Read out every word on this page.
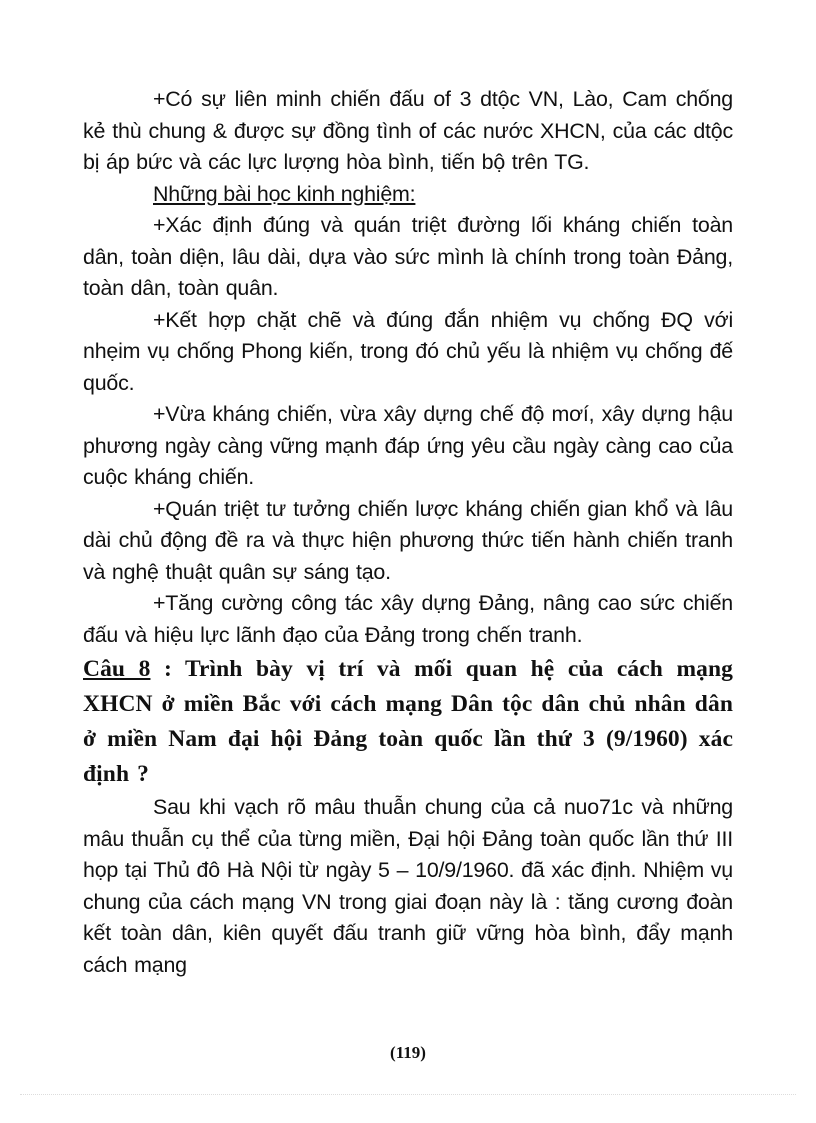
+Có sự liên minh chiến đấu of 3 dtộc VN, Lào, Cam chống kẻ thù chung & được sự đồng tình of các nước XHCN, của các dtộc bị áp bức và các lực lượng hòa bình, tiến bộ trên TG.

Những bài học kinh nghiệm:

+Xác định đúng và quán triệt đường lối kháng chiến toàn dân, toàn diện, lâu dài, dựa vào sức mình là chính trong toàn Đảng, toàn dân, toàn quân.

+Kết hợp chặt chẽ và đúng đắn nhiệm vụ chống ĐQ với nhẹim vụ chống Phong kiến, trong đó chủ yếu là nhiệm vụ chống đế quốc.

+Vừa kháng chiến, vừa xây dựng chế độ mơí, xây dựng hậu phương ngày càng vững mạnh đáp ứng yêu cầu ngày càng cao của cuộc kháng chiến.

+Quán triệt tư tưởng chiến lược kháng chiến gian khổ và lâu dài chủ động đề ra và thực hiện phương thức tiến hành chiến tranh và nghệ thuật quân sự sáng tạo.

+Tăng cường công tác xây dựng Đảng, nâng cao sức chiến đấu và hiệu lực lãnh đạo của Đảng trong chến tranh.

Câu 8 : Trình bày vị trí và mối quan hệ của cách mạng XHCN ở miền Bắc với cách mạng Dân tộc dân chủ nhân dân ở miền Nam đại hội Đảng toàn quốc lần thứ 3 (9/1960) xác định ?

Sau khi vạch rõ mâu thuẫn chung của cả nuo71c và những mâu thuẫn cụ thể của từng miền, Đại hội Đảng toàn quốc lần thứ III họp tại Thủ đô Hà Nội từ ngày 5 – 10/9/1960. đã xác định. Nhiệm vụ chung của cách mạng VN trong giai đoạn này là : tăng cương đoàn kết toàn dân, kiên quyết đấu tranh giữ vững hòa bình, đẩy mạnh cách mạng

(119)
